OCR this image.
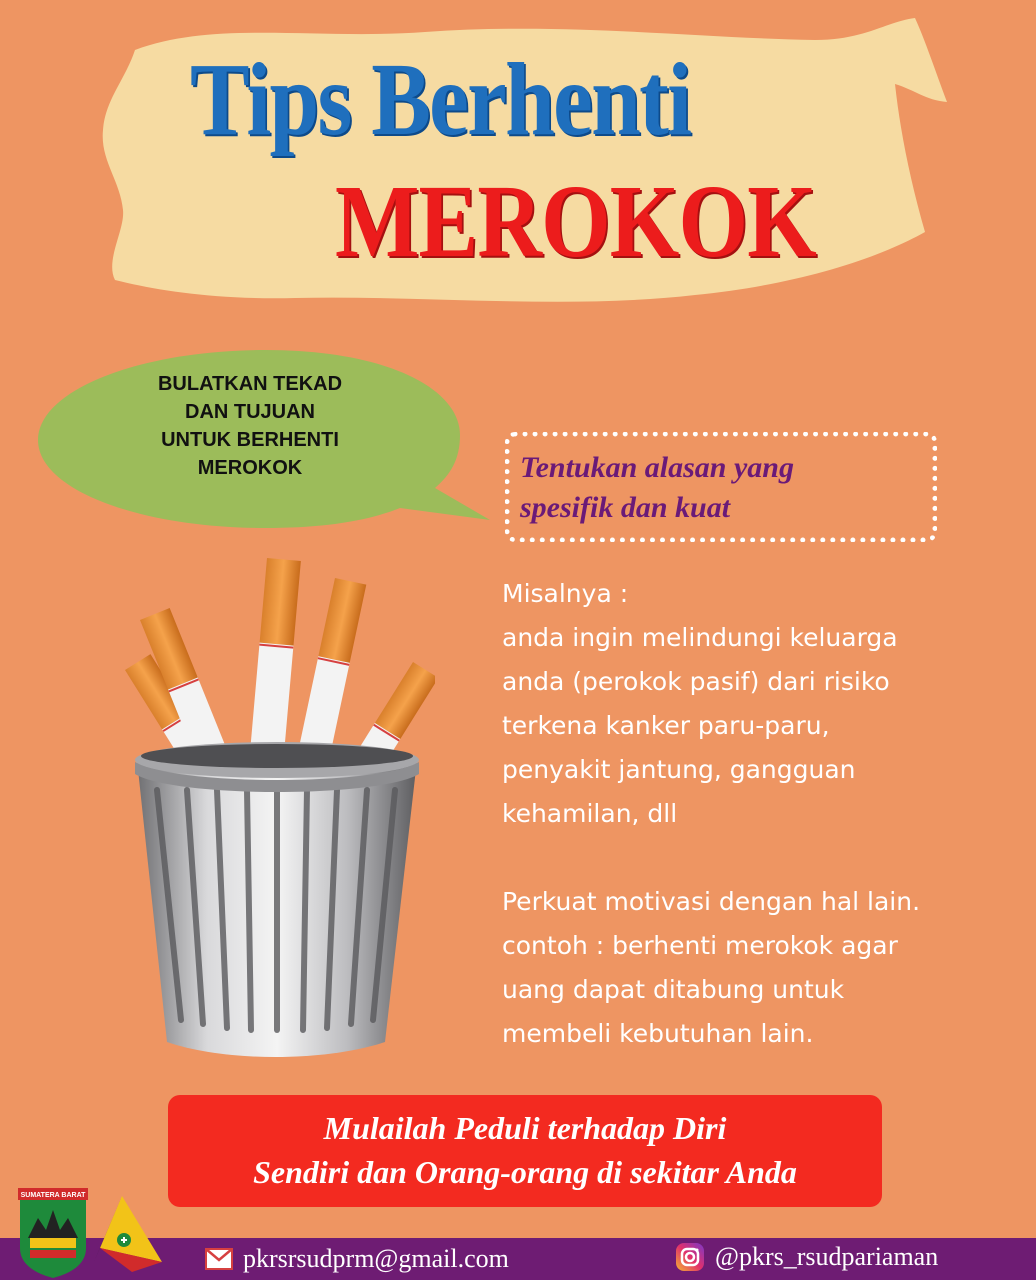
Tips Berhenti
MEROKOK
BULATKAN TEKAD
DAN TUJUAN
UNTUK BERHENTI
MEROKOK	Tentukan alasan yang
spesifik dan kuat

Misalnya :

anda ingin melindungi keluarga

anda (perokok pasif) dari risiko

terkena kanker paru-paru,

penyakit jantung, gangguan

kehamilan, dll

Perkuat motivasi dengan hal lain.

contoh : berhenti merokok agar

uang dapat ditabung untuk

membeli kebutuhan lain.

Mulailah Peduli terhadap Diri
Sendiri dan Orang-orang di sekitar Anda
SUMATERA BARAT
pkrsrsudprm@gmail.com	@pkrs_rsudpariaman
